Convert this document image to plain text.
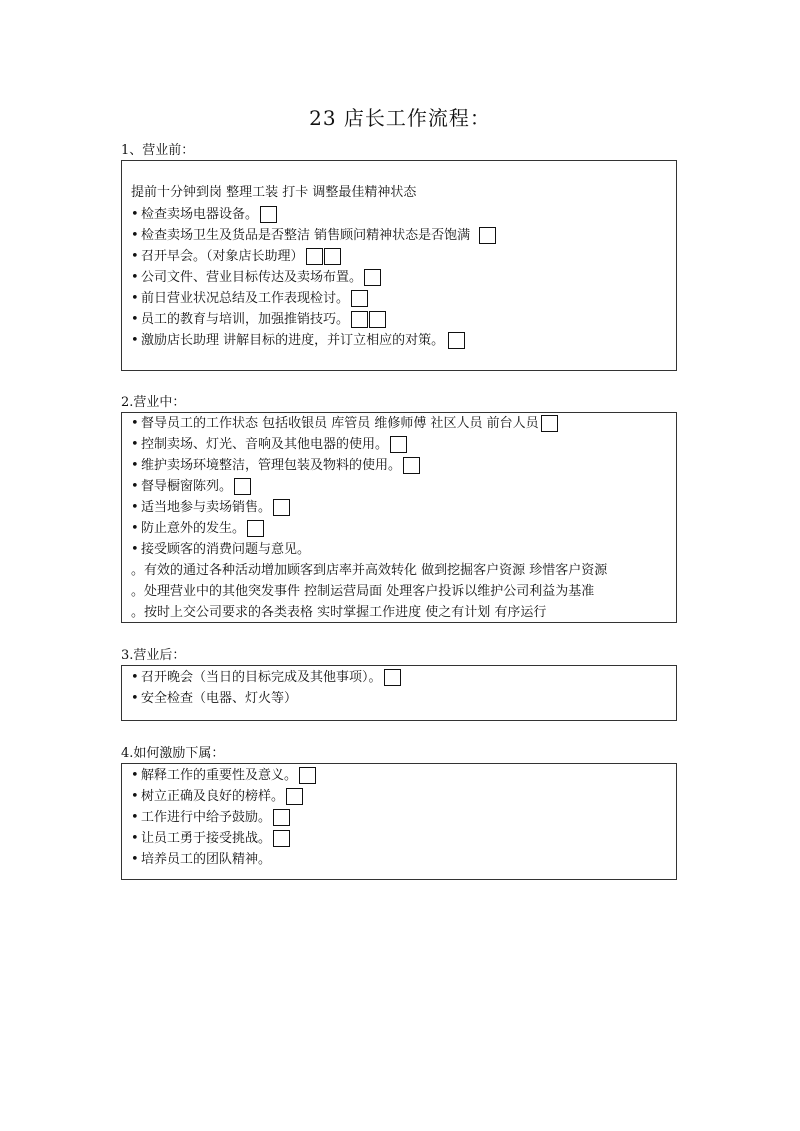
23 店长工作流程：
1、营业前：
提前十分钟到岗 整理工装 打卡 调整最佳精神状态
• 检查卖场电器设备。
• 检查卖场卫生及货品是否整洁 销售顾问精神状态是否饱满
• 召开早会。（对象店长助理）
• 公司文件、营业目标传达及卖场布置。
• 前日营业状况总结及工作表现检讨。
• 员工的教育与培训，加强推销技巧。
• 激励店长助理 讲解目标的进度，并订立相应的对策。
2.营业中：
• 督导员工的工作状态 包括收银员 库管员 维修师傅 社区人员 前台人员
• 控制卖场、灯光、音响及其他电器的使用。
• 维护卖场环境整洁，管理包装及物料的使用。
• 督导橱窗陈列。
• 适当地参与卖场销售。
• 防止意外的发生。
• 接受顾客的消费问题与意见。
。有效的通过各种活动增加顾客到店率并高效转化 做到挖掘客户资源 珍惜客户资源
。处理营业中的其他突发事件 控制运营局面 处理客户投诉以维护公司利益为基准
。按时上交公司要求的各类表格 实时掌握工作进度 使之有计划 有序运行
3.营业后：
• 召开晚会（当日的目标完成及其他事项）。
• 安全检查（电器、灯火等）
4.如何激励下属：
• 解释工作的重要性及意义。
• 树立正确及良好的榜样。
• 工作进行中给予鼓励。
• 让员工勇于接受挑战。
• 培养员工的团队精神。
